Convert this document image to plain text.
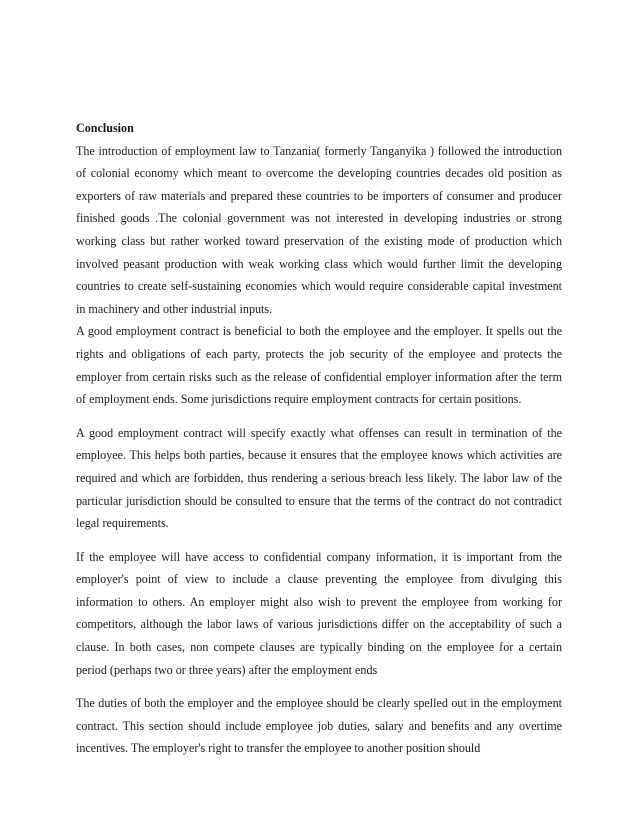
Conclusion

The introduction of employment law to Tanzania( formerly Tanganyika ) followed the introduction of colonial economy which meant to overcome the developing countries decades old position as exporters of raw materials and prepared these countries to be importers of consumer and producer finished goods .The colonial government was not interested in developing industries or strong working class but rather worked toward preservation of the existing mode of production which involved peasant production with weak working class which would further limit the developing countries to create self-sustaining economies which would require considerable capital investment in machinery and other industrial inputs.

A good employment contract is beneficial to both the employee and the employer. It spells out the rights and obligations of each party, protects the job security of the employee and protects the employer from certain risks such as the release of confidential employer information after the term of employment ends. Some jurisdictions require employment contracts for certain positions.

A good employment contract will specify exactly what offenses can result in termination of the employee. This helps both parties, because it ensures that the employee knows which activities are required and which are forbidden, thus rendering a serious breach less likely. The labor law of the particular jurisdiction should be consulted to ensure that the terms of the contract do not contradict legal requirements.

If the employee will have access to confidential company information, it is important from the employer's point of view to include a clause preventing the employee from divulging this information to others. An employer might also wish to prevent the employee from working for competitors, although the labor laws of various jurisdictions differ on the acceptability of such a clause. In both cases, non compete clauses are typically binding on the employee for a certain period (perhaps two or three years) after the employment ends

The duties of both the employer and the employee should be clearly spelled out in the employment contract. This section should include employee job duties, salary and benefits and any overtime incentives. The employer's right to transfer the employee to another position should
